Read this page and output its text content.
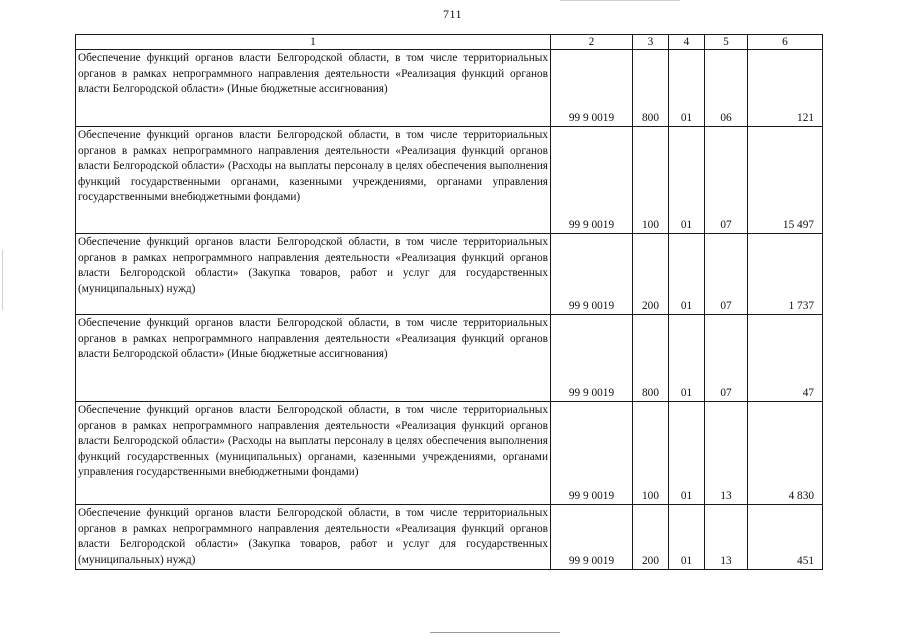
711
1	2	3	4	5	6
Обеспечение функций органов власти Белгородской области, в том числе территориальных органов в рамках непрограммного направления деятельности «Реализация функций органов власти Белгородской области» (Иные бюджетные ассигнования)	99 9 0019	800	01	06	121
Обеспечение функций органов власти Белгородской области, в том числе территориальных органов в рамках непрограммного направления деятельности «Реализация функций органов власти Белгородской области» (Расходы на выплаты персоналу в целях обеспечения выполнения функций государственными органами, казенными учреждениями, органами управления государственными внебюджетными фондами)	99 9 0019	100	01	07	15 497
Обеспечение функций органов власти Белгородской области, в том числе территориальных органов в рамках непрограммного направления деятельности «Реализация функций органов власти Белгородской области» (Закупка товаров, работ и услуг для государственных (муниципальных) нужд)	99 9 0019	200	01	07	1 737
Обеспечение функций органов власти Белгородской области, в том числе территориальных органов в рамках непрограммного направления деятельности «Реализация функций органов власти Белгородской области» (Иные бюджетные ассигнования)	99 9 0019	800	01	07	47
Обеспечение функций органов власти Белгородской области, в том числе территориальных органов в рамках непрограммного направления деятельности «Реализация функций органов власти Белгородской области» (Расходы на выплаты персоналу в целях обеспечения выполнения функций государственных (муниципальных) органами, казенными учреждениями, органами управления государственными внебюджетными фондами)	99 9 0019	100	01	13	4 830
Обеспечение функций органов власти Белгородской области, в том числе территориальных органов в рамках непрограммного направления деятельности «Реализация функций органов власти Белгородской области» (Закупка товаров, работ и услуг для государственных (муниципальных) нужд)	99 9 0019	200	01	13	451
